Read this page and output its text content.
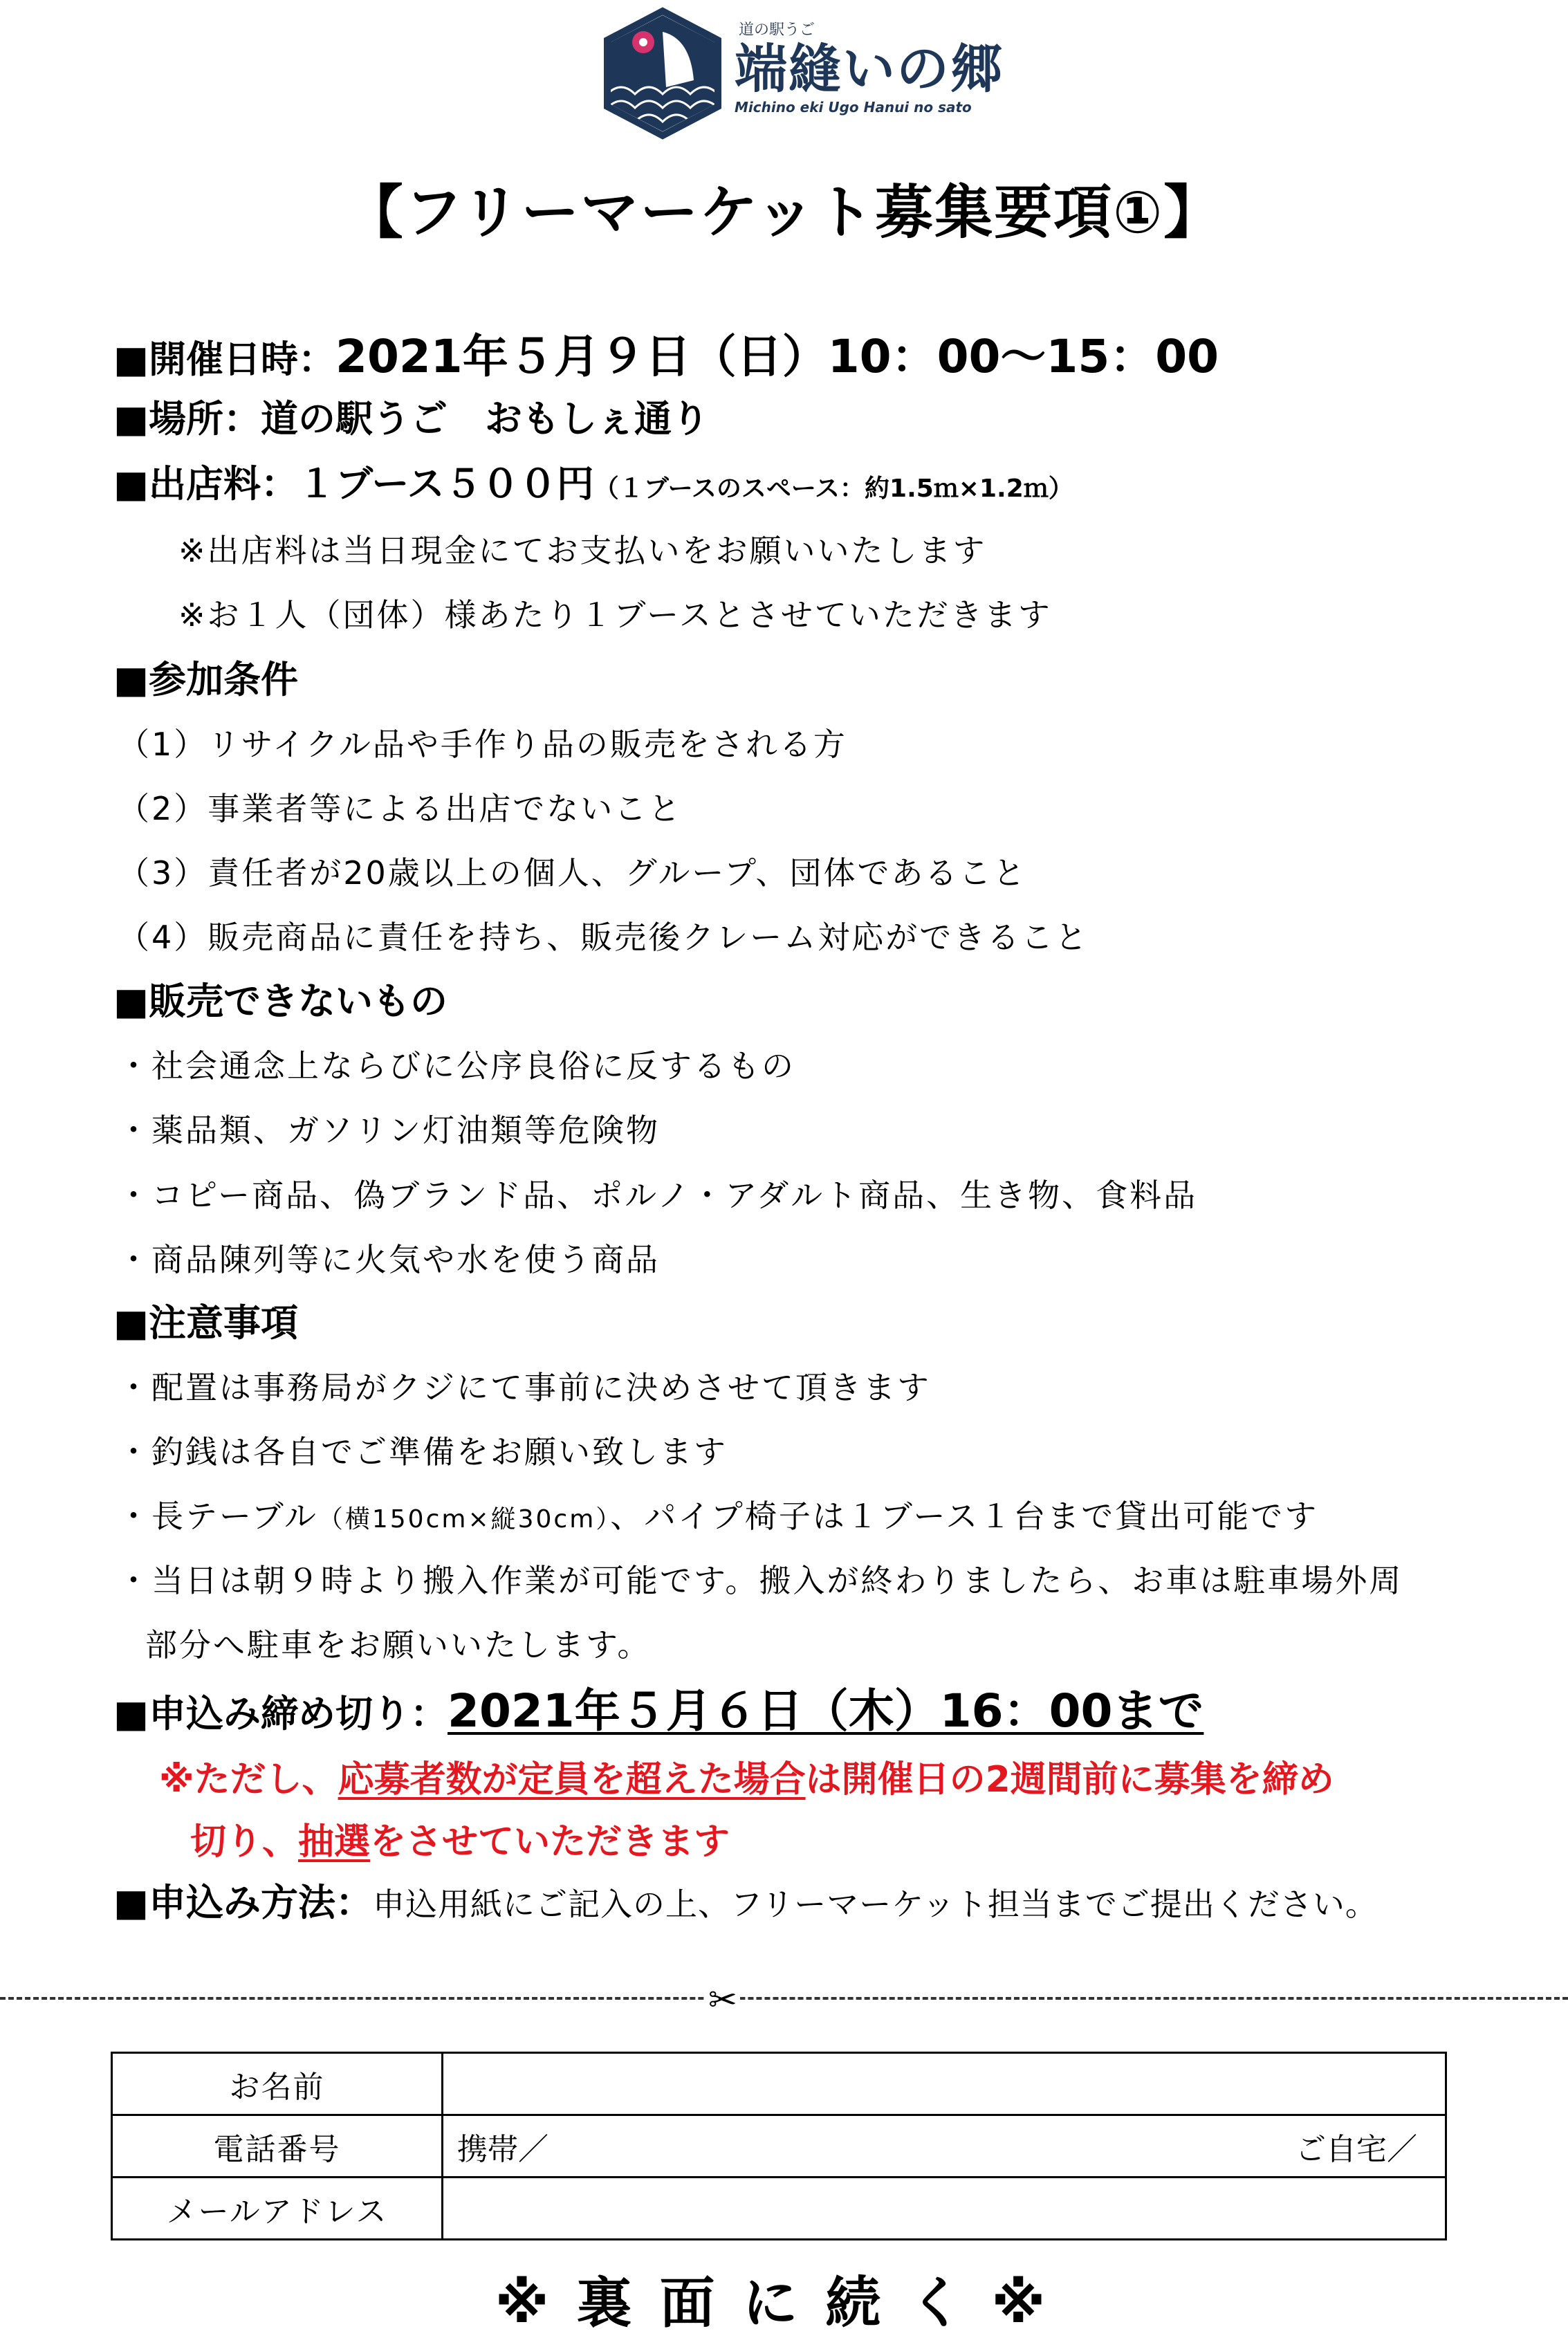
道の駅うご
端縫いの郷
Michino eki Ugo Hanui no sato
【フリーマーケット募集要項①】
■開催日時：2021年５月９日（日）10：00～15：00
■場所：道の駅うご　おもしぇ通り
■出店料：１ブース５００円（１ブースのスペース：約1.5ｍ×1.2ｍ）
※出店料は当日現金にてお支払いをお願いいたします
※お１人（団体）様あたり１ブースとさせていただきます
■参加条件
（1）リサイクル品や手作り品の販売をされる方
（2）事業者等による出店でないこと
（3）責任者が20歳以上の個人、グループ、団体であること
（4）販売商品に責任を持ち、販売後クレーム対応ができること
■販売できないもの
・社会通念上ならびに公序良俗に反するもの
・薬品類、ガソリン灯油類等危険物
・コピー商品、偽ブランド品、ポルノ・アダルト商品、生き物、食料品
・商品陳列等に火気や水を使う商品
■注意事項
・配置は事務局がクジにて事前に決めさせて頂きます
・釣銭は各自でご準備をお願い致します
・長テーブル（横150cm×縦30cm）、パイプ椅子は１ブース１台まで貸出可能です
・当日は朝９時より搬入作業が可能です。搬入が終わりましたら、お車は駐車場外周
部分へ駐車をお願いいたします。
■申込み締め切り：2021年５月６日（木）16：00まで
※ただし、応募者数が定員を超えた場合は開催日の2週間前に募集を締め
切り、抽選をさせていただきます
■申込み方法：申込用紙にご記入の上、フリーマーケット担当までご提出ください。
✂
お名前	
電話番号	携帯／ ご自宅／

メールアドレス	
※裏面に続く※
